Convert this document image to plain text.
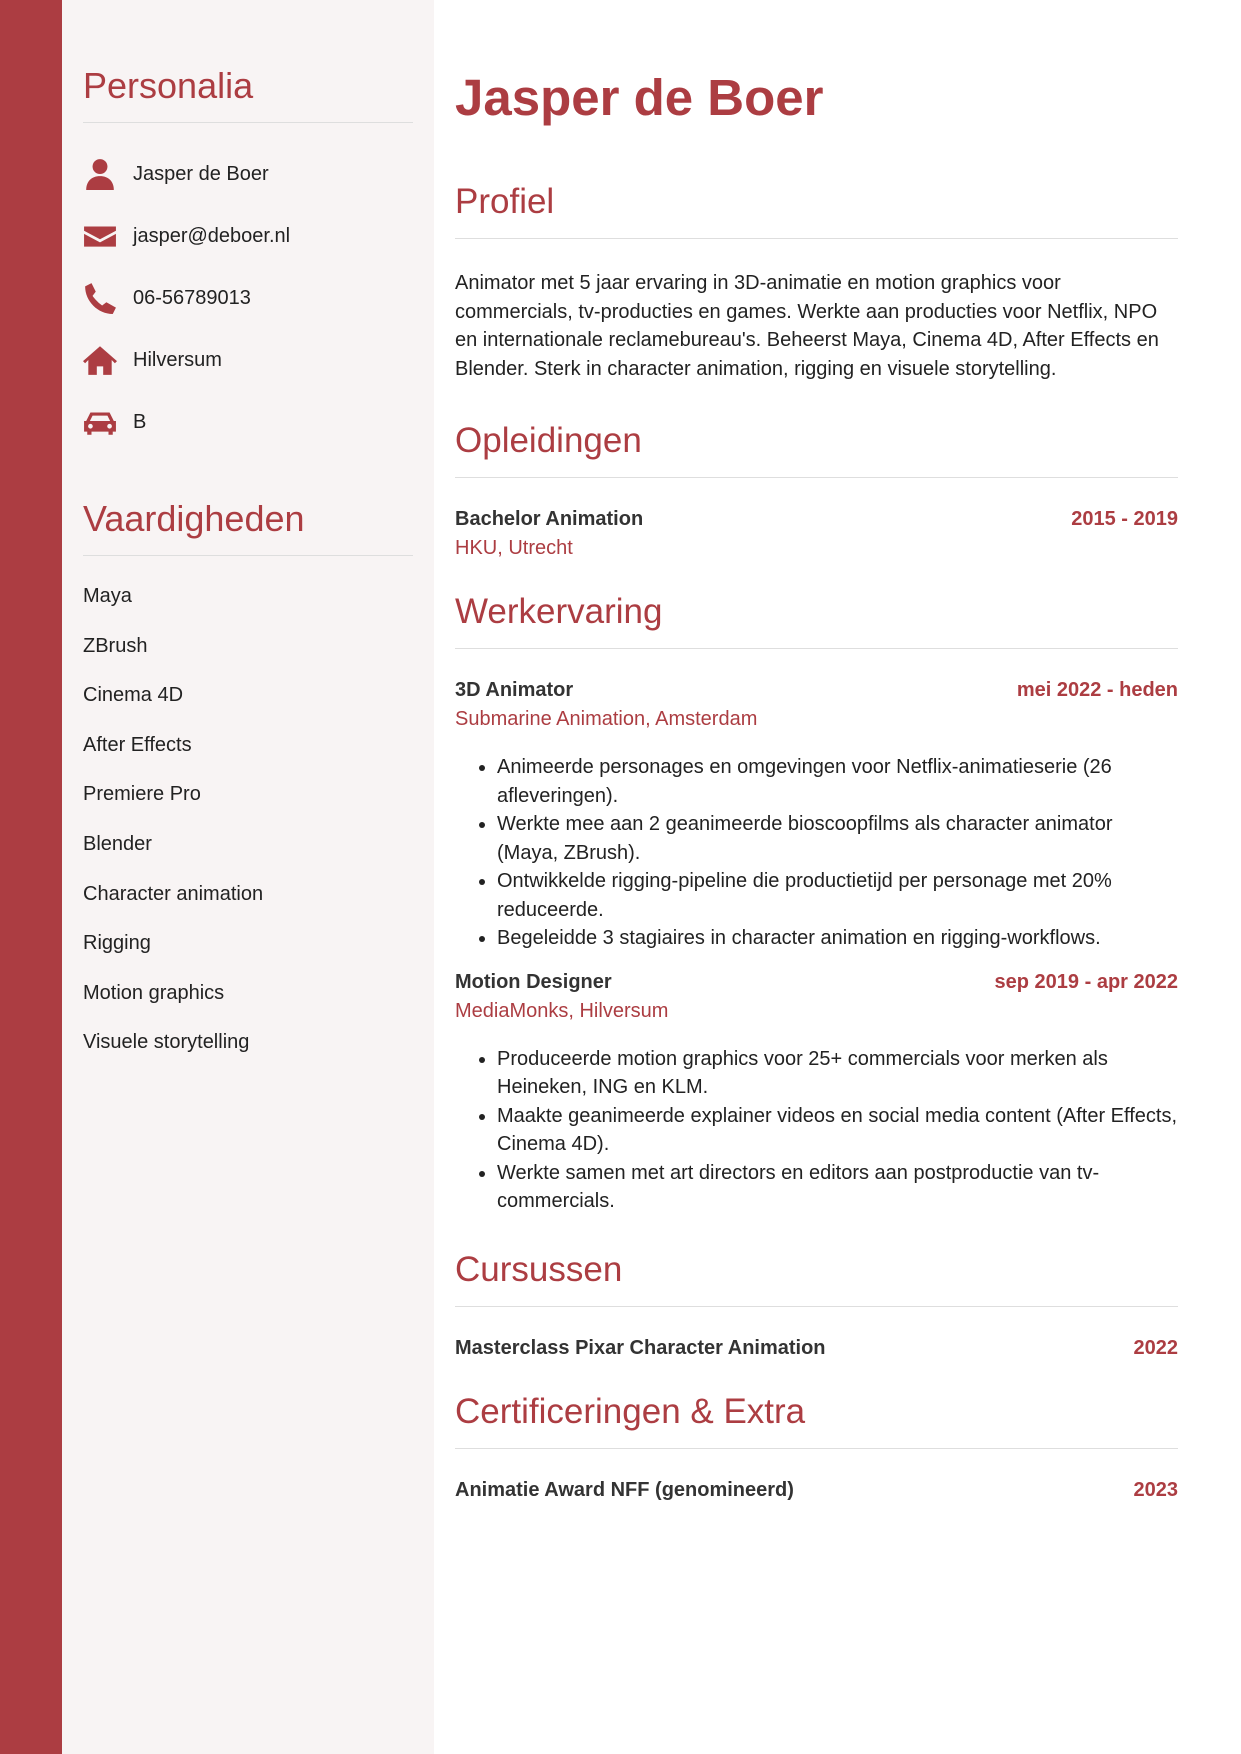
Personalia
Jasper de Boer
jasper@deboer.nl
06-56789013
Hilversum
B
Vaardigheden
Maya
ZBrush
Cinema 4D
After Effects
Premiere Pro
Blender
Character animation
Rigging
Motion graphics
Visuele storytelling
Jasper de Boer
Profiel

Animator met 5 jaar ervaring in 3D-animatie en motion graphics voor commercials, tv-producties en games. Werkte aan producties voor Netflix, NPO en internationale reclamebureau's. Beheerst Maya, Cinema 4D, After Effects en Blender. Sterk in character animation, rigging en visuele storytelling.

Opleidingen
Bachelor Animation	2015 - 2019
HKU, Utrecht
Werkervaring
3D Animator	mei 2022 - heden
Submarine Animation, Amsterdam
• Animeerde personages en omgevingen voor Netflix-animatieserie (26 afleveringen).
• Werkte mee aan 2 geanimeerde bioscoopfilms als character animator (Maya, ZBrush).
• Ontwikkelde rigging-pipeline die productietijd per personage met 20% reduceerde.
• Begeleidde 3 stagiaires in character animation en rigging-workflows.
Motion Designer	sep 2019 - apr 2022
MediaMonks, Hilversum
• Produceerde motion graphics voor 25+ commercials voor merken als Heineken, ING en KLM.
• Maakte geanimeerde explainer videos en social media content (After Effects, Cinema 4D).
• Werkte samen met art directors en editors aan postproductie van tv-commercials.
Cursussen
Masterclass Pixar Character Animation	2022
Certificeringen & Extra
Animatie Award NFF (genomineerd)	2023
